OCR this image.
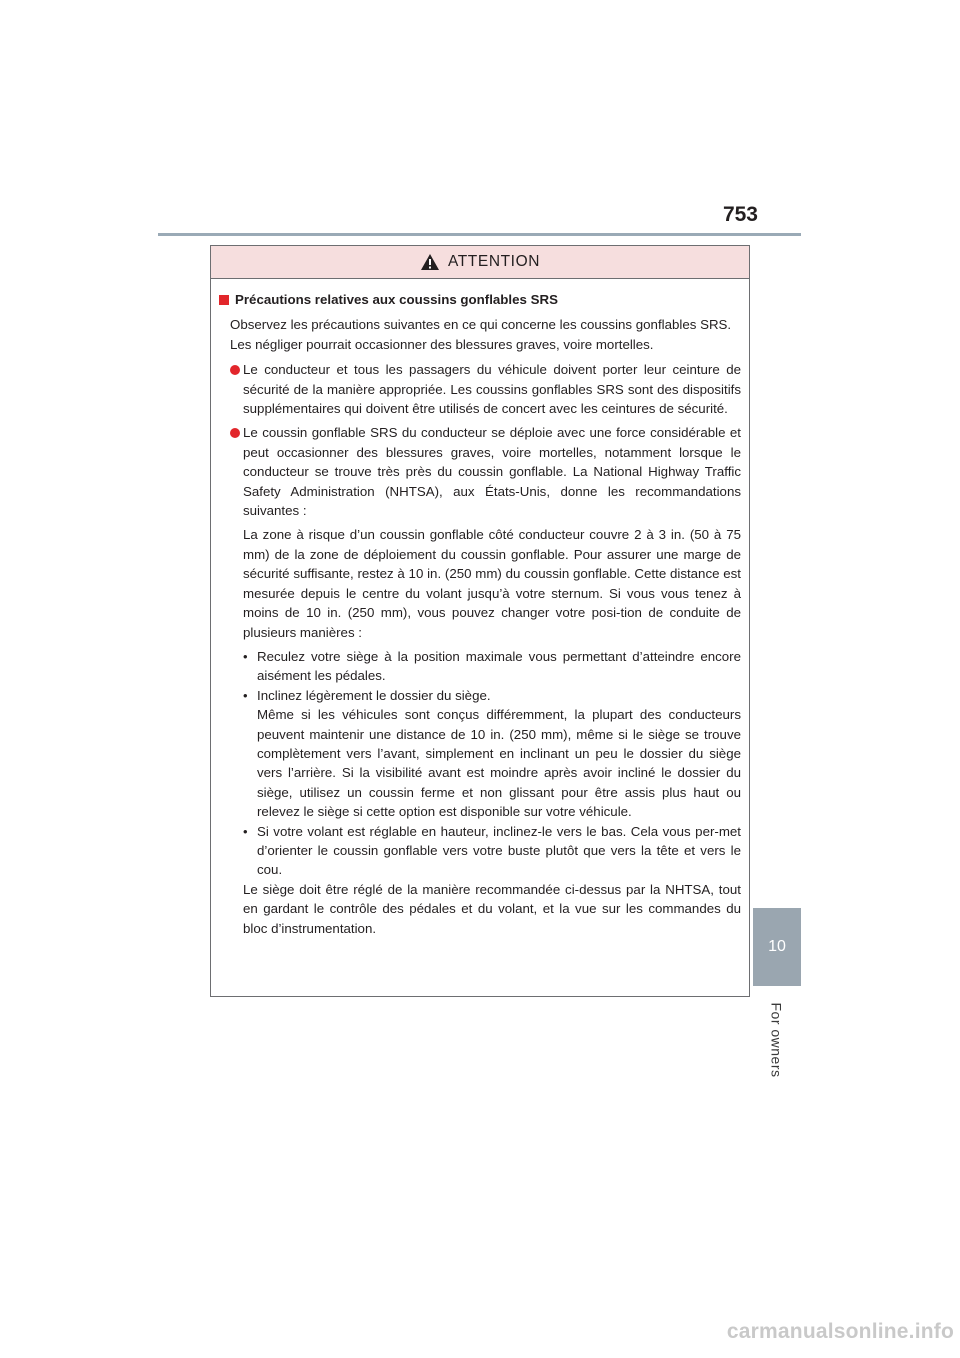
753
10
For owners
ATTENTION
Précautions relatives aux coussins gonflables SRS

Observez les précautions suivantes en ce qui concerne les coussins gonflables SRS.

Les négliger pourrait occasionner des blessures graves, voire mortelles.

Le conducteur et tous les passagers du véhicule doivent porter leur ceinture de sécurité de la manière appropriée. Les coussins gonflables SRS sont des dispositifs supplémentaires qui doivent être utilisés de concert avec les ceintures de sécurité.
Le coussin gonflable SRS du conducteur se déploie avec une force considérable et peut occasionner des blessures graves, voire mortelles, notamment lorsque le conducteur se trouve très près du coussin gonflable. La National Highway Traffic Safety Administration (NHTSA), aux États-Unis, donne les recommandations suivantes :

La zone à risque d’un coussin gonflable côté conducteur couvre 2 à 3 in. (50 à 75 mm) de la zone de déploiement du coussin gonflable. Pour assurer une marge de sécurité suffisante, restez à 10 in. (250 mm) du coussin gonflable. Cette distance est mesurée depuis le centre du volant jusqu’à votre sternum. Si vous vous tenez à moins de 10 in. (250 mm), vous pouvez changer votre posi-tion de conduite de plusieurs manières :

• Reculez votre siège à la position maximale vous permettant d’atteindre encore aisément les pédales.
• Inclinez légèrement le dossier du siège.

Même si les véhicules sont conçus différemment, la plupart des conducteurs peuvent maintenir une distance de 10 in. (250 mm), même si le siège se trouve complètement vers l’avant, simplement en inclinant un peu le dossier du siège vers l’arrière. Si la visibilité avant est moindre après avoir incliné le dossier du siège, utilisez un coussin ferme et non glissant pour être assis plus haut ou relevez le siège si cette option est disponible sur votre véhicule.

• Si votre volant est réglable en hauteur, inclinez-le vers le bas. Cela vous per-met d’orienter le coussin gonflable vers votre buste plutôt que vers la tête et vers le cou.

Le siège doit être réglé de la manière recommandée ci-dessus par la NHTSA, tout en gardant le contrôle des pédales et du volant, et la vue sur les commandes du bloc d’instrumentation.

carmanualsonline.info
